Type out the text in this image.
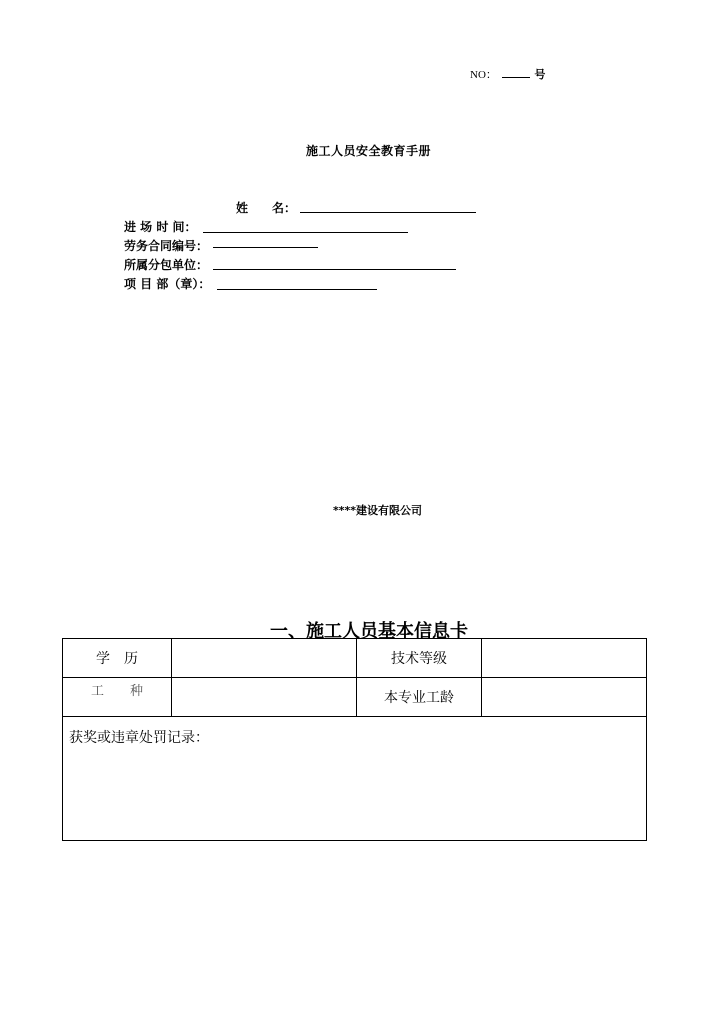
NO：	号
施工人员安全教育手册
姓　　名：
进 场 时 间：
劳务合同编号：
所属分包单位：
项 目 部（章）：
****建设有限公司
一、施工人员基本信息卡
学　历		技术等级	
工　　种		本专业工龄	

获奖或违章处罚记录：			
